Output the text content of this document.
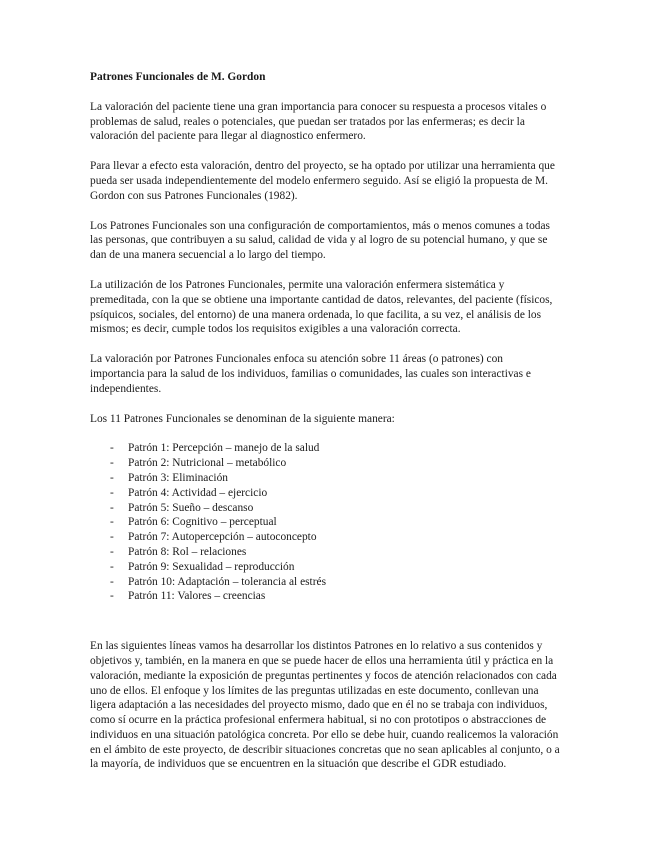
Patrones Funcionales de M. Gordon

La valoración del paciente tiene una gran importancia para conocer su respuesta a procesos vitales o problemas de salud, reales o potenciales, que puedan ser tratados por las enfermeras; es decir la valoración del paciente para llegar al diagnostico enfermero.

Para llevar a efecto esta valoración, dentro del proyecto, se ha optado por utilizar una herramienta que pueda ser usada independientemente del modelo enfermero seguido. Así se eligió la propuesta de M. Gordon con sus Patrones Funcionales (1982).

Los Patrones Funcionales son una configuración de comportamientos, más o menos comunes a todas las personas, que contribuyen a su salud, calidad de vida y al logro de su potencial humano, y que se dan de una manera secuencial a lo largo del tiempo.

La utilización de los Patrones Funcionales, permite una valoración enfermera sistemática y premeditada, con la que se obtiene una importante cantidad de datos, relevantes, del paciente (físicos, psíquicos, sociales, del entorno) de una manera ordenada, lo que facilita, a su vez, el análisis de los mismos; es decir, cumple todos los requisitos exigibles a una valoración correcta.

La valoración por Patrones Funcionales enfoca su atención sobre 11 áreas (o patrones) con importancia para la salud de los individuos, familias o comunidades, las cuales son interactivas e independientes.

Los 11 Patrones Funcionales se denominan de la siguiente manera:

- Patrón 1: Percepción – manejo de la salud
- Patrón 2: Nutricional – metabólico
- Patrón 3: Eliminación
- Patrón 4: Actividad – ejercicio
- Patrón 5: Sueño – descanso
- Patrón 6: Cognitivo – perceptual
- Patrón 7: Autopercepción – autoconcepto
- Patrón 8: Rol – relaciones
- Patrón 9: Sexualidad – reproducción
- Patrón 10: Adaptación – tolerancia al estrés
- Patrón 11: Valores – creencias

En las siguientes líneas vamos ha desarrollar los distintos Patrones en lo relativo a sus contenidos y objetivos y, también, en la manera en que se puede hacer de ellos una herramienta útil y práctica en la valoración, mediante la exposición de preguntas pertinentes y focos de atención relacionados con cada uno de ellos. El enfoque y los límites de las preguntas utilizadas en este documento, conllevan una ligera adaptación a las necesidades del proyecto mismo, dado que en él no se trabaja con individuos, como sí ocurre en la práctica profesional enfermera habitual, si no con prototipos o abstracciones de individuos en una situación patológica concreta. Por ello se debe huir, cuando realicemos la valoración en el ámbito de este proyecto, de describir situaciones concretas que no sean aplicables al conjunto, o a la mayoría, de individuos que se encuentren en la situación que describe el GDR estudiado.
